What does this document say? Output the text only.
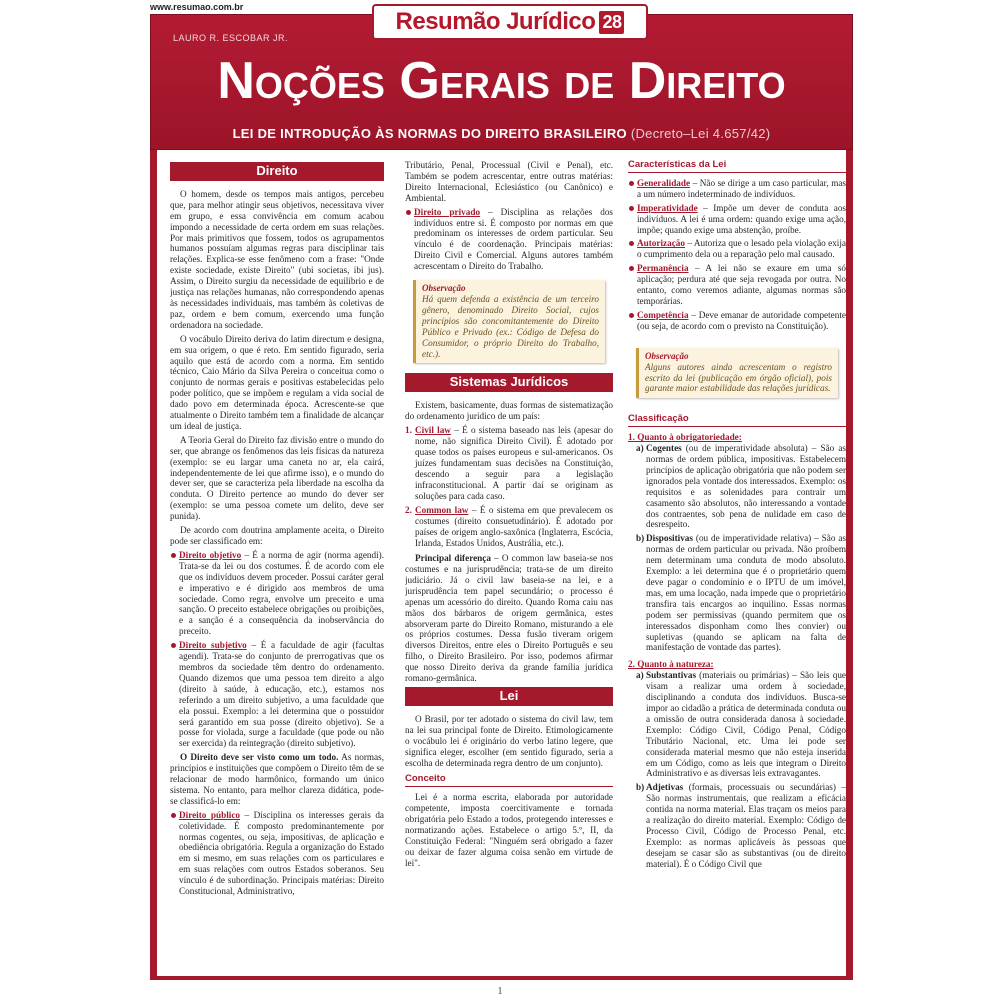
www.resumao.com.br
LAURO R. ESCOBAR JR.
Noções Gerais de Direito
LEI DE INTRODUÇÃO ÀS NORMAS DO DIREITO BRASILEIRO (Decreto–Lei 4.657/42)
Resumão Jurídico 28
Direito

O homem, desde os tempos mais antigos, percebeu que, para melhor atingir seus objetivos, necessitava viver em grupo, e essa convivência em comum acabou impondo a necessidade de certa ordem em suas relações. Por mais primitivos que fossem, todos os agrupamentos humanos possuíam algumas regras para disciplinar tais relações. Explica-se esse fenômeno com a frase: "Onde existe sociedade, existe Direito" (ubi societas, ibi jus). Assim, o Direito surgiu da necessidade de equilíbrio e de justiça nas relações humanas, não correspondendo apenas às necessidades individuais, mas também às coletivas de paz, ordem e bem comum, exercendo uma função ordenadora na sociedade.

O vocábulo Direito deriva do latim directum e designa, em sua origem, o que é reto. Em sentido figurado, seria aquilo que está de acordo com a norma. Em sentido técnico, Caio Mário da Silva Pereira o conceitua como o conjunto de normas gerais e positivas estabelecidas pelo poder político, que se impõem e regulam a vida social de dado povo em determinada época. Acrescente-se que atualmente o Direito também tem a finalidade de alcançar um ideal de justiça.

A Teoria Geral do Direito faz divisão entre o mundo do ser, que abrange os fenômenos das leis físicas da natureza (exemplo: se eu largar uma caneta no ar, ela cairá, independentemente de lei que afirme isso), e o mundo do dever ser, que se caracteriza pela liberdade na escolha da conduta. O Direito pertence ao mundo do dever ser (exemplo: se uma pessoa comete um delito, deve ser punida).

De acordo com doutrina amplamente aceita, o Direito pode ser classificado em:

Direito objetivo – É a norma de agir (norma agendi). Trata-se da lei ou dos costumes. É de acordo com ele que os indivíduos devem proceder. Possui caráter geral e imperativo e é dirigido aos membros de uma sociedade. Como regra, envolve um preceito e uma sanção. O preceito estabelece obrigações ou proibições, e a sanção é a consequência da inobservância do preceito.
Direito subjetivo – É a faculdade de agir (facultas agendi). Trata-se do conjunto de prerrogativas que os membros da sociedade têm dentro do ordenamento. Quando dizemos que uma pessoa tem direito a algo (direito à saúde, à educação, etc.), estamos nos referindo a um direito subjetivo, a uma faculdade que ela possui. Exemplo: a lei determina que o possuidor será garantido em sua posse (direito objetivo). Se a posse for violada, surge a faculdade (que pode ou não ser exercida) da reintegração (direito subjetivo).

O Direito deve ser visto como um todo. As normas, princípios e instituições que compõem o Direito têm de se relacionar de modo harmônico, formando um único sistema. No entanto, para melhor clareza didática, pode-se classificá-lo em:

Direito público – Disciplina os interesses gerais da coletividade. É composto predominantemente por normas cogentes, ou seja, impositivas, de aplicação e obediência obrigatória. Regula a organização do Estado em si mesmo, em suas relações com os particulares e em suas relações com outros Estados soberanos. Seu vínculo é de subordinação. Principais matérias: Direito Constitucional, Administrativo,

Tributário, Penal, Processual (Civil e Penal), etc. Também se podem acrescentar, entre outras matérias: Direito Internacional, Eclesiástico (ou Canônico) e Ambiental.

Direito privado – Disciplina as relações dos indivíduos entre si. É composto por normas em que predominam os interesses de ordem particular. Seu vínculo é de coordenação. Principais matérias: Direito Civil e Comercial. Alguns autores também acrescentam o Direito do Trabalho.
Observação

Há quem defenda a existência de um terceiro gênero, denominado Direito Social, cujos princípios são concomitantemente do Direito Público e Privado (ex.: Código de Defesa do Consumidor, o próprio Direito do Trabalho, etc.).

Sistemas Jurídicos

Existem, basicamente, duas formas de sistematização do ordenamento jurídico de um país:

1. Civil law – É o sistema baseado nas leis (apesar do nome, não significa Direito Civil). É adotado por quase todos os países europeus e sul-americanos. Os juízes fundamentam suas decisões na Constituição, descendo a seguir para a legislação infraconstitucional. A partir daí se originam as soluções para cada caso.
2. Common law – É o sistema em que prevalecem os costumes (direito consuetudinário). É adotado por países de origem anglo-saxônica (Inglaterra, Escócia, Irlanda, Estados Unidos, Austrália, etc.).

Principal diferença – O common law baseia-se nos costumes e na jurisprudência; trata-se de um direito judiciário. Já o civil law baseia-se na lei, e a jurisprudência tem papel secundário; o processo é apenas um acessório do direito. Quando Roma caiu nas mãos dos bárbaros de origem germânica, estes absorveram parte do Direito Romano, misturando a ele os próprios costumes. Dessa fusão tiveram origem diversos Direitos, entre eles o Direito Português e seu filho, o Direito Brasileiro. Por isso, podemos afirmar que nosso Direito deriva da grande família jurídica romano-germânica.

Lei

O Brasil, por ter adotado o sistema do civil law, tem na lei sua principal fonte de Direito. Etimologicamente o vocábulo lei é originário do verbo latino legere, que significa eleger, escolher (em sentido figurado, seria a escolha de determinada regra dentro de um conjunto).

Conceito

Lei é a norma escrita, elaborada por autoridade competente, imposta coercitivamente e tornada obrigatória pelo Estado a todos, protegendo interesses e normatizando ações. Estabelece o artigo 5.º, II, da Constituição Federal: "Ninguém será obrigado a fazer ou deixar de fazer alguma coisa senão em virtude de lei".

Características da Lei
Generalidade – Não se dirige a um caso particular, mas a um número indeterminado de indivíduos.
Imperatividade – Impõe um dever de conduta aos indivíduos. A lei é uma ordem: quando exige uma ação, impõe; quando exige uma abstenção, proíbe.
Autorização – Autoriza que o lesado pela violação exija o cumprimento dela ou a reparação pelo mal causado.
Permanência – A lei não se exaure em uma só aplicação; perdura até que seja revogada por outra. No entanto, como veremos adiante, algumas normas são temporárias.
Competência – Deve emanar de autoridade competente (ou seja, de acordo com o previsto na Constituição).
Observação

Alguns autores ainda acrescentam o registro escrito da lei (publicação em órgão oficial), pois garante maior estabilidade das relações jurídicas.

Classificação
1. Quanto à obrigatoriedade:
a) Cogentes (ou de imperatividade absoluta) – São as normas de ordem pública, impositivas. Estabelecem princípios de aplicação obrigatória que não podem ser ignorados pela vontade dos interessados. Exemplo: os requisitos e as solenidades para contrair um casamento são absolutos, não interessando a vontade dos contraentes, sob pena de nulidade em caso de desrespeito.
b) Dispositivas (ou de imperatividade relativa) – São as normas de ordem particular ou privada. Não proíbem nem determinam uma conduta de modo absoluto. Exemplo: a lei determina que é o proprietário quem deve pagar o condomínio e o IPTU de um imóvel, mas, em uma locação, nada impede que o proprietário transfira tais encargos ao inquilino. Essas normas podem ser permissivas (quando permitem que os interessados disponham como lhes convier) ou supletivas (quando se aplicam na falta de manifestação de vontade das partes).
2. Quanto à natureza:
a) Substantivas (materiais ou primárias) – São leis que visam a realizar uma ordem à sociedade, disciplinando a conduta dos indivíduos. Busca-se impor ao cidadão a prática de determinada conduta ou a omissão de outra considerada danosa à sociedade. Exemplo: Código Civil, Código Penal, Código Tributário Nacional, etc. Uma lei pode ser considerada material mesmo que não esteja inserida em um Código, como as leis que integram o Direito Administrativo e as diversas leis extravagantes.
b) Adjetivas (formais, processuais ou secundárias) – São normas instrumentais, que realizam a eficácia contida na norma material. Elas traçam os meios para a realização do direito material. Exemplo: Código de Processo Civil, Código de Processo Penal, etc. Exemplo: as normas aplicáveis às pessoas que desejam se casar são as substantivas (ou de direito material). É o Código Civil que
1
